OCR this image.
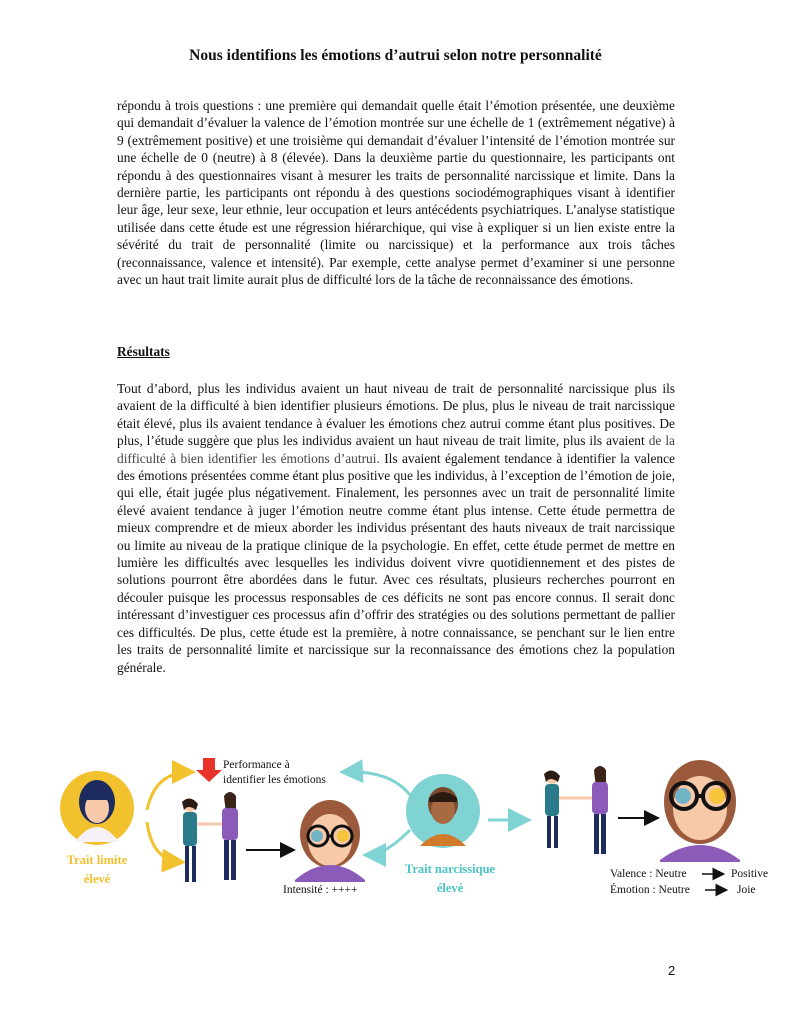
Nous identifions les émotions d’autrui selon notre personnalité

répondu à trois questions : une première qui demandait quelle était l’émotion présentée, une deuxième qui demandait d’évaluer la valence de l’émotion montrée sur une échelle de 1 (extrêmement négative) à 9 (extrêmement positive) et une troisième qui demandait d’évaluer l’intensité de l’émotion montrée sur une échelle de 0 (neutre) à 8 (élevée). Dans la deuxième partie du questionnaire, les participants ont répondu à des questionnaires visant à mesurer les traits de personnalité narcissique et limite. Dans la dernière partie, les participants ont répondu à des questions sociodémographiques visant à identifier leur âge, leur sexe, leur ethnie, leur occupation et leurs antécédents psychiatriques. L’analyse statistique utilisée dans cette étude est une régression hiérarchique, qui vise à expliquer si un lien existe entre la sévérité du trait de personnalité (limite ou narcissique) et la performance aux trois tâches (reconnaissance, valence et intensité). Par exemple, cette analyse permet d’examiner si une personne avec un haut trait limite aurait plus de difficulté lors de la tâche de reconnaissance des émotions.

Résultats

Tout d’abord, plus les individus avaient un haut niveau de trait de personnalité narcissique plus ils avaient de la difficulté à bien identifier plusieurs émotions. De plus, plus le niveau de trait narcissique était élevé, plus ils avaient tendance à évaluer les émotions chez autrui comme étant plus positives. De plus, l’étude suggère que plus les individus avaient un haut niveau de trait limite, plus ils avaient de la difficulté à bien identifier les émotions d’autrui. Ils avaient également tendance à identifier la valence des émotions présentées comme étant plus positive que les individus, à l’exception de l’émotion de joie, qui elle, était jugée plus négativement. Finalement, les personnes avec un trait de personnalité limite élevé avaient tendance à juger l’émotion neutre comme étant plus intense. Cette étude permettra de mieux comprendre et de mieux aborder les individus présentant des hauts niveaux de trait narcissique ou limite au niveau de la pratique clinique de la psychologie. En effet, cette étude permet de mettre en lumière les difficultés avec lesquelles les individus doivent vivre quotidiennement et des pistes de solutions pourront être abordées dans le futur. Avec ces résultats, plusieurs recherches pourront en découler puisque les processus responsables de ces déficits ne sont pas encore connus. Il serait donc intéressant d’investiguer ces processus afin d’offrir des stratégies ou des solutions permettant de pallier ces difficultés. De plus, cette étude est la première, à notre connaissance, se penchant sur le lien entre les traits de personnalité limite et narcissique sur la reconnaissance des émotions chez la population générale.

Performance à
identifier les émotions
Trait limite
élevé
Intensité : ++++
Trait narcissique
élevé
Valence : Neutre	Positive
Émotion : Neutre	Joie
2
